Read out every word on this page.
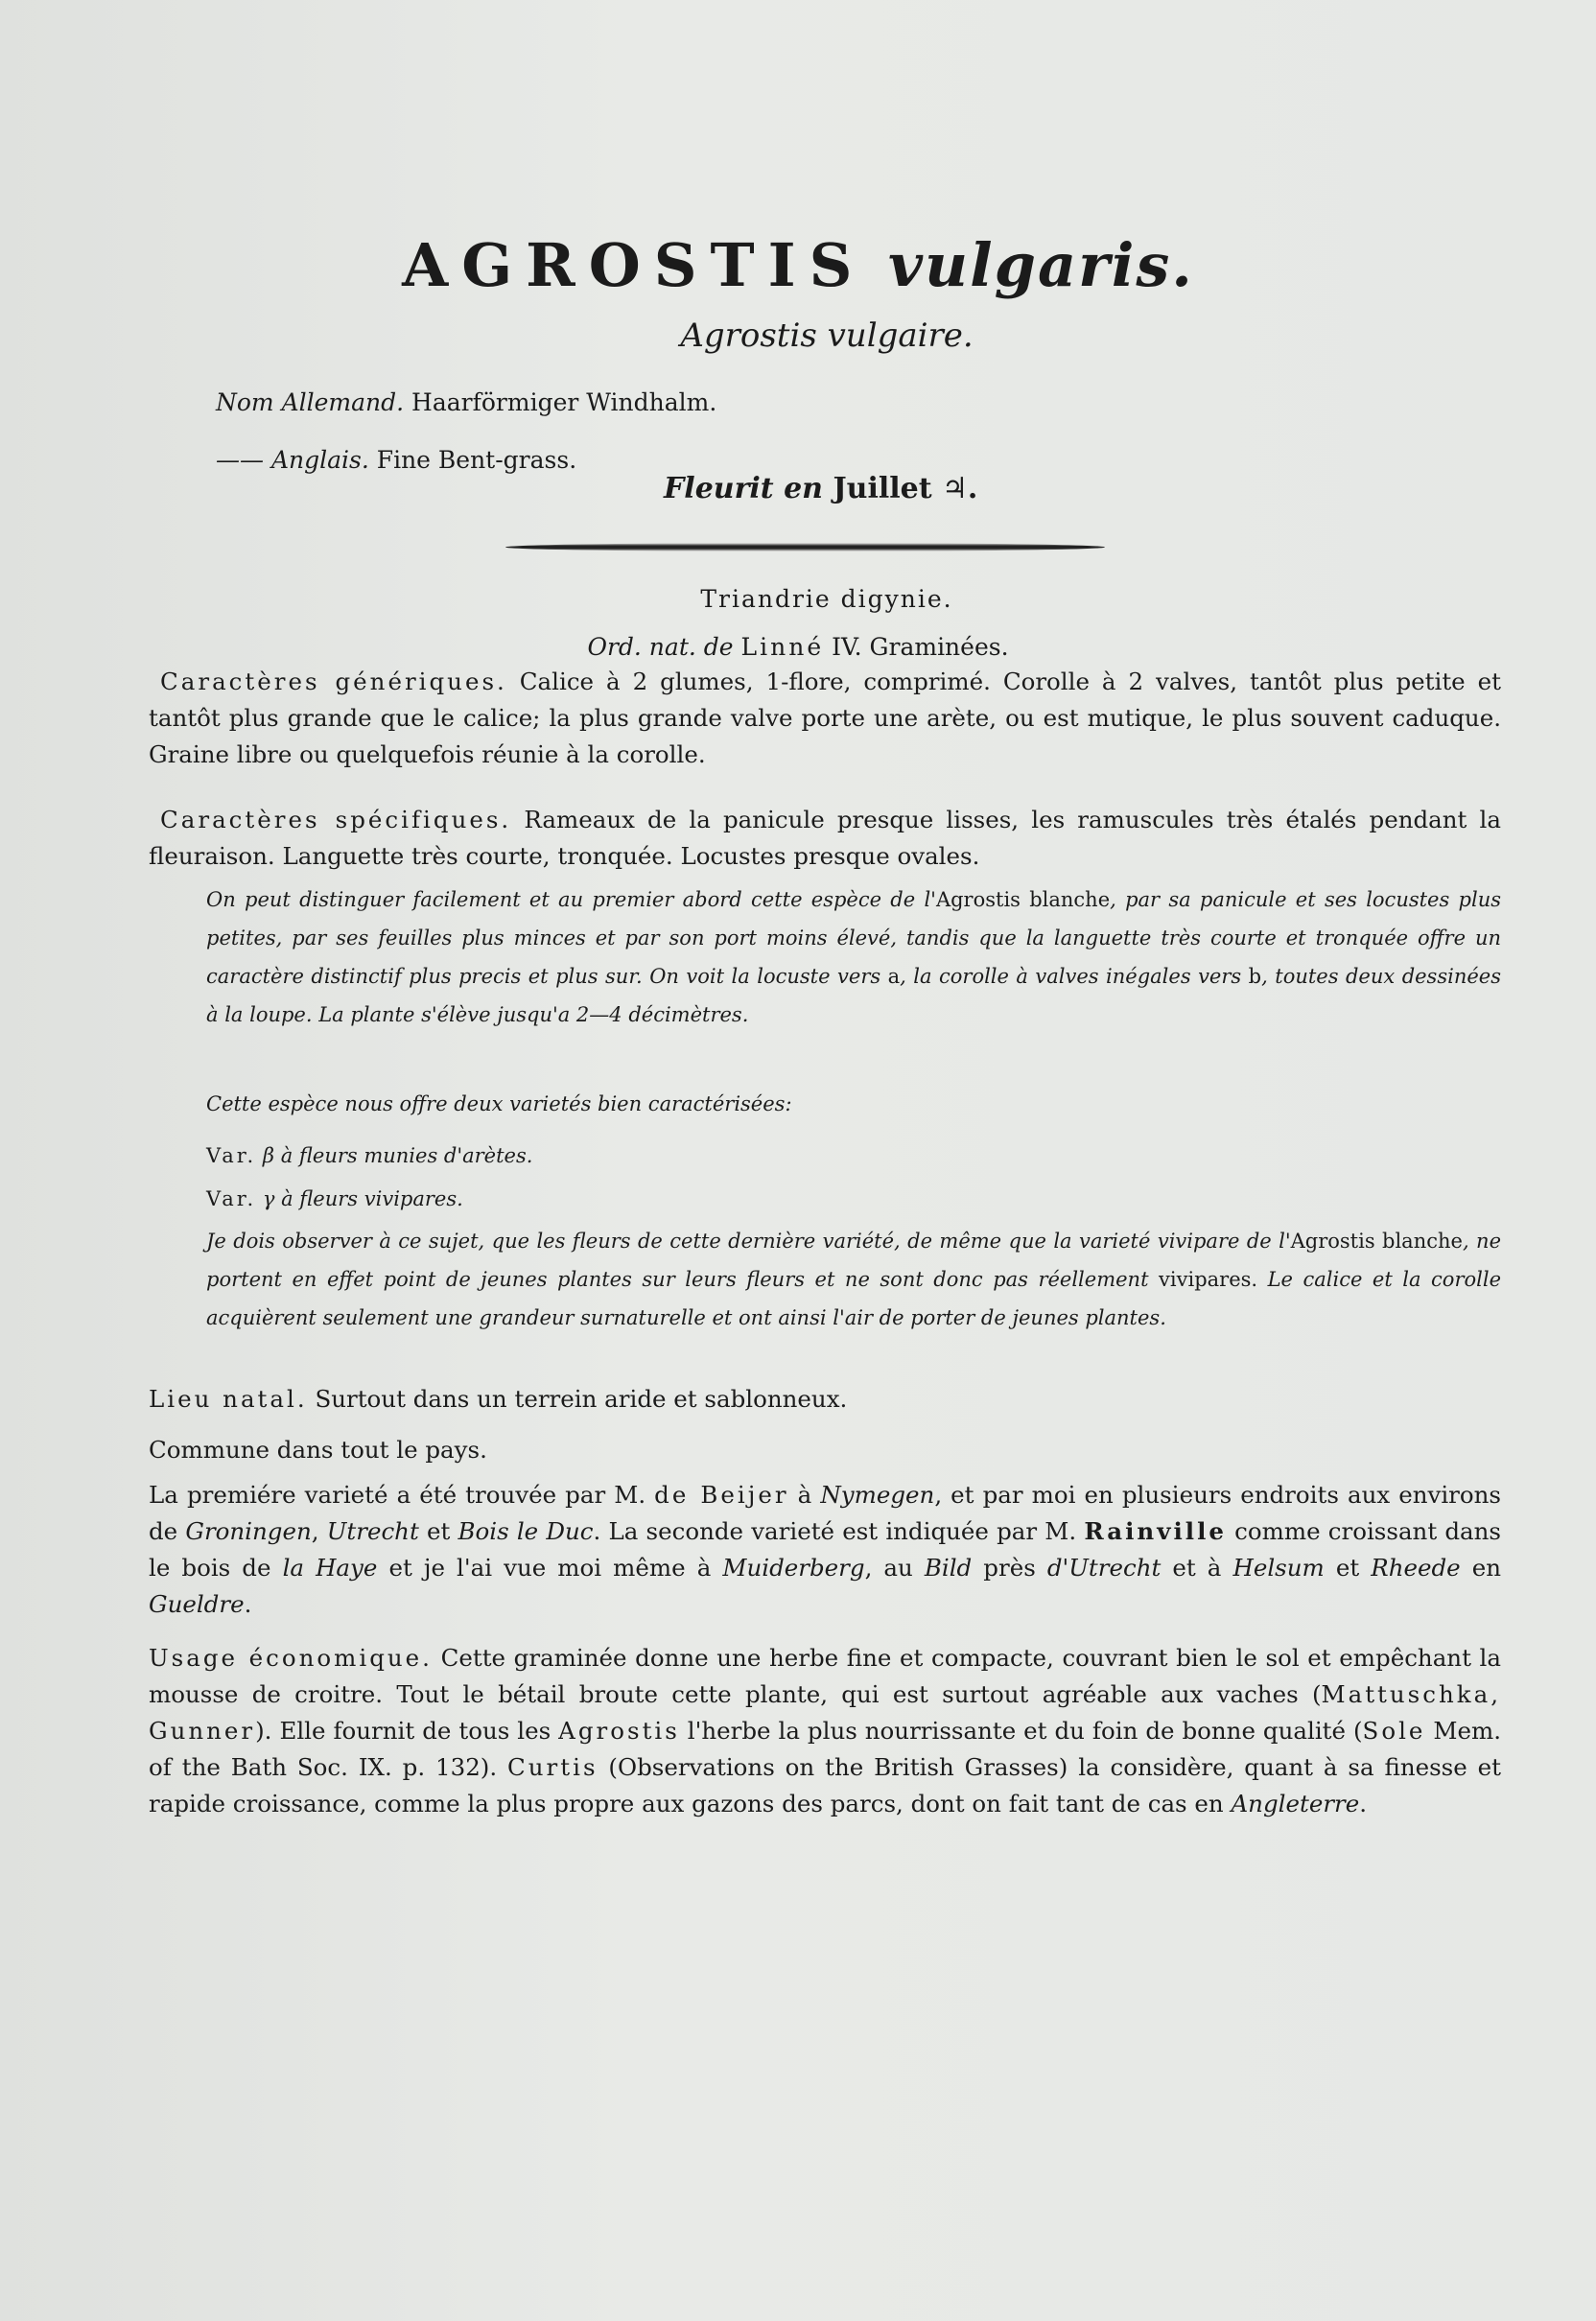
AGROSTIS vulgaris.
Agrostis vulgaire.
Nom Allemand. Haarförmiger Windhalm.
—— Anglais. Fine Bent-grass.
Fleurit en Juillet ♃.
Triandrie digynie.
Ord. nat. de Linné IV. Graminées.
Caractères génériques. Calice à 2 glumes, 1-flore, comprimé. Corolle à 2 valves, tantôt plus petite et tantôt plus grande que le calice; la plus grande valve porte une arète, ou est mutique, le plus souvent caduque. Graine libre ou quelquefois réunie à la corolle.
Caractères spécifiques. Rameaux de la panicule presque lisses, les ramuscules très étalés pendant la fleuraison. Languette très courte, tronquée. Locustes presque ovales.
On peut distinguer facilement et au premier abord cette espèce de l'Agrostis blanche, par sa panicule et ses locustes plus petites, par ses feuilles plus minces et par son port moins élevé, tandis que la languette très courte et tronquée offre un caractère distinctif plus precis et plus sur. On voit la locuste vers a, la corolle à valves inégales vers b, toutes deux dessinées à la loupe. La plante s'élève jusqu'a 2—4 décimètres.
Cette espèce nous offre deux varietés bien caractérisées:
Var. β à fleurs munies d'arètes.
Var. γ à fleurs vivipares.
Je dois observer à ce sujet, que les fleurs de cette dernière variété, de même que la varieté vivipare de l'Agrostis blanche, ne portent en effet point de jeunes plantes sur leurs fleurs et ne sont donc pas réellement vivipares. Le calice et la corolle acquièrent seulement une grandeur surnaturelle et ont ainsi l'air de porter de jeunes plantes.
Lieu natal. Surtout dans un terrein aride et sablonneux.
Commune dans tout le pays.
La premiére varieté a été trouvée par M. de Beijer à Nymegen, et par moi en plusieurs endroits aux environs de Groningen, Utrecht et Bois le Duc. La seconde varieté est indiquée par M. Rainville comme croissant dans le bois de la Haye et je l'ai vue moi même à Muiderberg, au Bild près d'Utrecht et à Helsum et Rheede en Gueldre.
Usage économique. Cette graminée donne une herbe fine et compacte, couvrant bien le sol et empêchant la mousse de croitre. Tout le bétail broute cette plante, qui est surtout agréable aux vaches (Mattuschka, Gunner). Elle fournit de tous les Agrostis l'herbe la plus nourrissante et du foin de bonne qualité (Sole Mem. of the Bath Soc. IX. p. 132). Curtis (Observations on the British Grasses) la considère, quant à sa finesse et rapide croissance, comme la plus propre aux gazons des parcs, dont on fait tant de cas en Angleterre.
